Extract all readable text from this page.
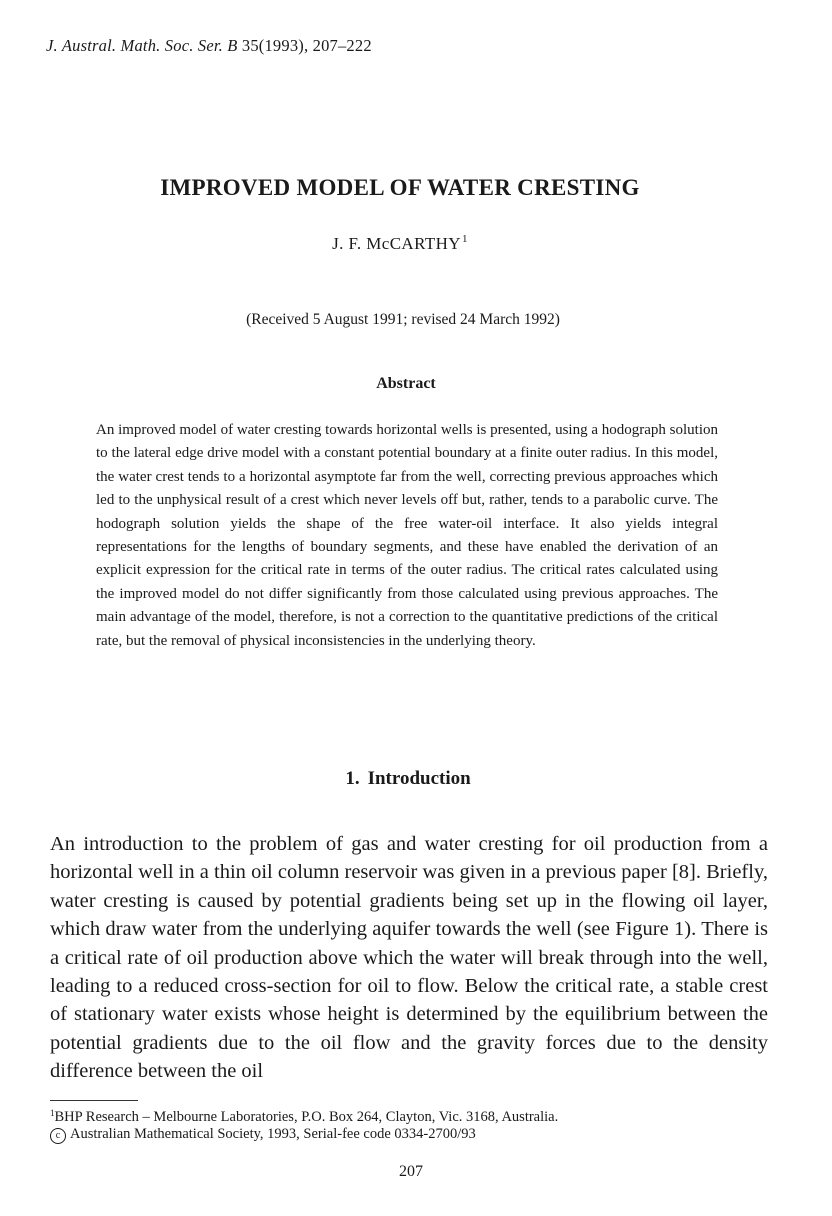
J. Austral. Math. Soc. Ser. B 35(1993), 207–222
IMPROVED MODEL OF WATER CRESTING
J. F. McCARTHY$^1$
(Received 5 August 1991; revised 24 March 1992)
Abstract
An improved model of water cresting towards horizontal wells is presented, using a hodograph solution to the lateral edge drive model with a constant potential boundary at a finite outer radius. In this model, the water crest tends to a horizontal asymptote far from the well, correcting previous approaches which led to the unphysical result of a crest which never levels off but, rather, tends to a parabolic curve. The hodograph solution yields the shape of the free water-oil interface. It also yields integral representations for the lengths of boundary segments, and these have enabled the derivation of an explicit expression for the critical rate in terms of the outer radius. The critical rates calculated using the improved model do not differ significantly from those calculated using previous approaches. The main advantage of the model, therefore, is not a correction to the quantitative predictions of the critical rate, but the removal of physical inconsistencies in the underlying theory.
1. Introduction
An introduction to the problem of gas and water cresting for oil production from a horizontal well in a thin oil column reservoir was given in a previous paper [8]. Briefly, water cresting is caused by potential gradients being set up in the flowing oil layer, which draw water from the underlying aquifer towards the well (see Figure 1). There is a critical rate of oil production above which the water will break through into the well, leading to a reduced cross-section for oil to flow. Below the critical rate, a stable crest of stationary water exists whose height is determined by the equilibrium between the potential gradients due to the oil flow and the gravity forces due to the density difference between the oil
$^1$BHP Research – Melbourne Laboratories, P.O. Box 264, Clayton, Vic. 3168, Australia.
c Australian Mathematical Society, 1993, Serial-fee code 0334-2700/93
207
